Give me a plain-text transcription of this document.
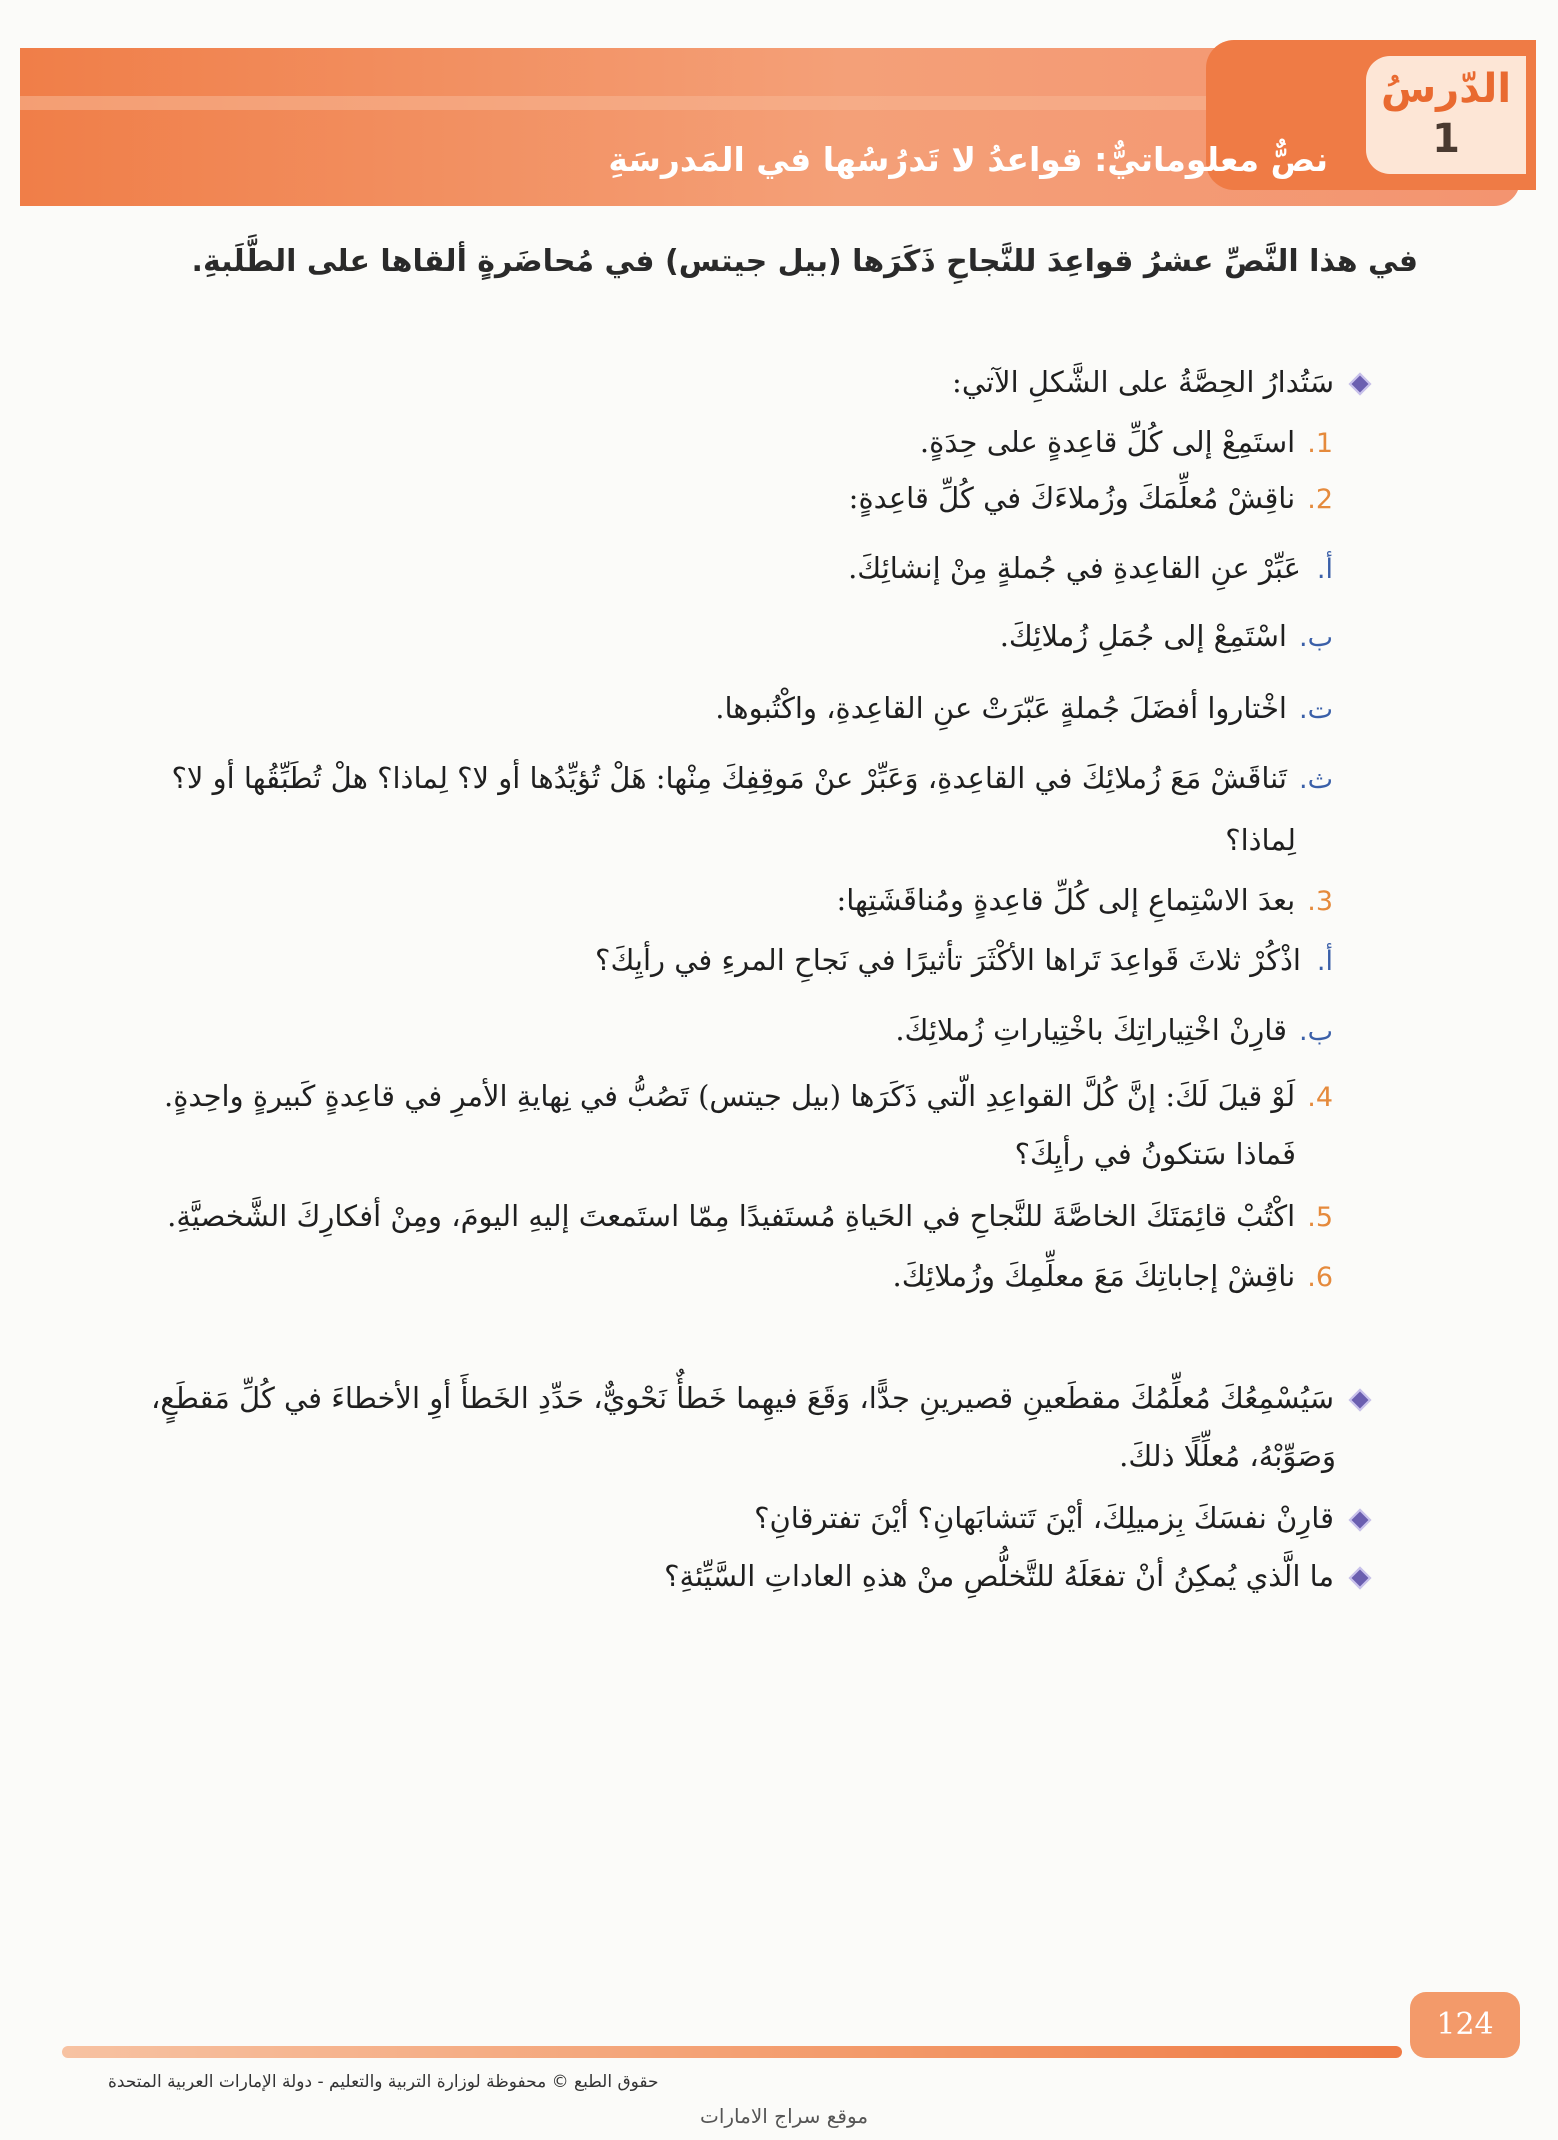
الدّرسُ
1
نصٌّ معلوماتيٌّ: قواعدُ لا تَدرُسُها في المَدرسَةِ
في هذا النَّصِّ عشرُ قواعِدَ للنَّجاحِ ذَكَرَها (بيل جيتس) في مُحاضَرةٍ ألقاها على الطَّلَبةِ.
سَتُدارُ الحِصَّةُ على الشَّكلِ الآتي:
1.استَمِعْ إلى كُلِّ قاعِدةٍ على حِدَةٍ.
2.ناقِشْ مُعلِّمَكَ وزُملاءَكَ في كُلِّ قاعِدةٍ:
أ.عَبِّرْ عنِ القاعِدةِ في جُملةٍ مِنْ إنشائِكَ.
ب.اسْتَمِعْ إلى جُمَلِ زُملائِكَ.
ت.اخْتاروا أفضَلَ جُملةٍ عَبّرَتْ عنِ القاعِدةِ، واكْتُبوها.
ث.تَناقَشْ مَعَ زُملائِكَ في القاعِدةِ، وَعَبِّرْ عنْ مَوقِفِكَ مِنْها: هَلْ تُؤيِّدُها أو لا؟ لِماذا؟ هلْ تُطَبِّقُها أو لا؟
لِماذا؟
3.بعدَ الاسْتِماعِ إلى كُلِّ قاعِدةٍ ومُناقَشَتِها:
أ.اذْكُرْ ثلاثَ قَواعِدَ تَراها الأكْثَرَ تأثيرًا في نَجاحِ المرءِ في رأيِكَ؟
ب.قارِنْ اخْتِياراتِكَ باخْتِياراتِ زُملائِكَ.
4.لَوْ قيلَ لَكَ: إنَّ كُلَّ القواعِدِ الّتي ذَكَرَها (بيل جيتس) تَصُبُّ في نِهايةِ الأمرِ في قاعِدةٍ كَبيرةٍ واحِدةٍ.
فَماذا سَتكونُ في رأيِكَ؟
5.اكْتُبْ قائِمَتَكَ الخاصَّةَ للنَّجاحِ في الحَياةِ مُستَفيدًا مِمّا استَمعتَ إليهِ اليومَ، ومِنْ أفكارِكَ الشَّخصيَّةِ.
6.ناقِشْ إجاباتِكَ مَعَ معلِّمِكَ وزُملائِكَ.
سَيُسْمِعُكَ مُعلِّمُكَ مقطَعينِ قصيرينِ جدًّا، وَقَعَ فيهِما خَطأٌ نَحْويٌّ، حَدِّدِ الخَطأَ أوِ الأخطاءَ في كُلِّ مَقطَعٍ،
وَصَوِّبْهُ، مُعلِّلًا ذلكَ.
قارِنْ نفسَكَ بِزميلِكَ، أيْنَ تَتشابَهانِ؟ أيْنَ تفترقانِ؟
ما الَّذي يُمكِنُ أنْ تفعَلَهُ للتَّخلُّصِ منْ هذهِ العاداتِ السَّيِّئةِ؟
124
حقوق الطبع © محفوظة لوزارة التربية والتعليم - دولة الإمارات العربية المتحدة
موقع سراج الامارات
